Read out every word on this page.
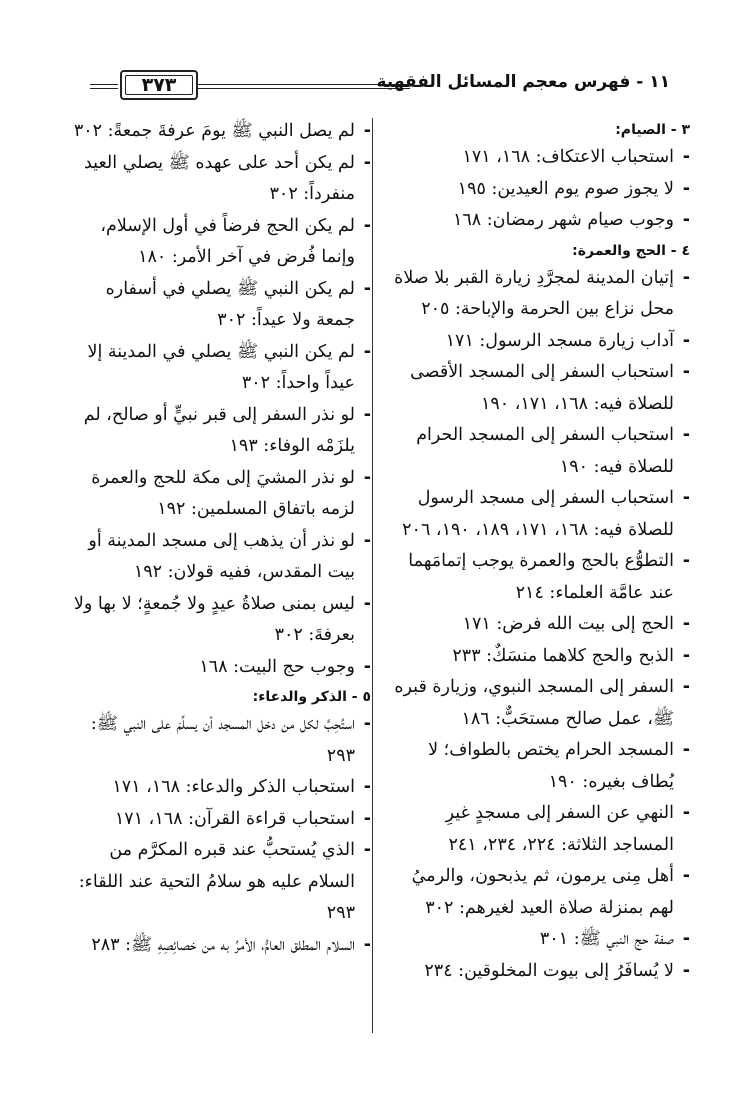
٣٧٣	١١ - فهرس معجم المسائل الفقهية
٣ - الصيام:
-
استحباب الاعتكاف: ١٦٨، ١٧١
-
لا يجوز صوم يوم العيدين: ١٩٥
-
وجوب صيام شهر رمضان: ١٦٨
٤ - الحج والعمرة:
-
إتيان المدينة لمجرَّدِ زيارة القبر بلا صلاة محل نزاع بين الحرمة والإباحة: ٢٠٥
-
آداب زيارة مسجد الرسول: ١٧١
-
استحباب السفر إلى المسجد الأقصى للصلاة فيه: ١٦٨، ١٧١، ١٩٠
-
استحباب السفر إلى المسجد الحرام للصلاة فيه: ١٩٠
-
استحباب السفر إلى مسجد الرسول للصلاة فيه: ١٦٨، ١٧١، ١٨٩، ١٩٠، ٢٠٦
-
التطوُّع بالحج والعمرة يوجب إتمامَهما عند عامَّة العلماء: ٢١٤
-
الحج إلى بيت الله فرض: ١٧١
-
الذبح والحج كلاهما منسَكٌ: ٢٣٣
-
السفر إلى المسجد النبوي، وزيارة قبره ﷺ، عمل صالح مستحَبٌّ: ١٨٦
-
المسجد الحرام يختص بالطواف؛ لا يُطاف بغيره: ١٩٠
-
النهي عن السفر إلى مسجدٍ غيرِ المساجد الثلاثة: ٢٢٤، ٢٣٤، ٢٤١
-
أهل مِنى يرمون، ثم يذبحون، والرميُ لهم بمنزلة صلاة العيد لغيرهم: ٣٠٢
-
صفة حج النبي ﷺ: ٣٠١
-
لا يُسافَرُ إلى بيوت المخلوقين: ٢٣٤
-
لم يصل النبي ﷺ يومَ عرفةَ جمعةً: ٣٠٢
-
لم يكن أحد على عهده ﷺ يصلي العيد منفرداً: ٣٠٢
-
لم يكن الحج فرضاً في أول الإسلام، وإنما فُرض في آخر الأمر: ١٨٠
-
لم يكن النبي ﷺ يصلي في أسفاره جمعة ولا عيداً: ٣٠٢
-
لم يكن النبي ﷺ يصلي في المدينة إلا عيداً واحداً: ٣٠٢
-
لو نذر السفر إلى قبر نبيٍّ أو صالح، لم يلزَمْه الوفاء: ١٩٣
-
لو نذر المشيَ إلى مكة للحج والعمرة لزمه باتفاق المسلمين: ١٩٢
-
لو نذر أن يذهب إلى مسجد المدينة أو بيت المقدس، ففيه قولان: ١٩٢
-
ليس بمنى صلاةُ عيدٍ ولا جُمعةٍ؛ لا بها ولا بعرفةَ: ٣٠٢
-
وجوب حج البيت: ١٦٨
٥ - الذكر والدعاء:
-
استُحِبَّ لكل من دخل المسجد أن يسلِّمَ على النبي ﷺ: ٢٩٣
-
استحباب الذكر والدعاء: ١٦٨، ١٧١
-
استحباب قراءة القرآن: ١٦٨، ١٧١
-
الذي يُستحبُّ عند قبره المكرَّم من السلام عليه هو سلامُ التحية عند اللقاء: ٢٩٣
-
السلام المطلق العامُّ، الأمرُ به من خصائِصِهِ ﷺ: ٢٨٣
